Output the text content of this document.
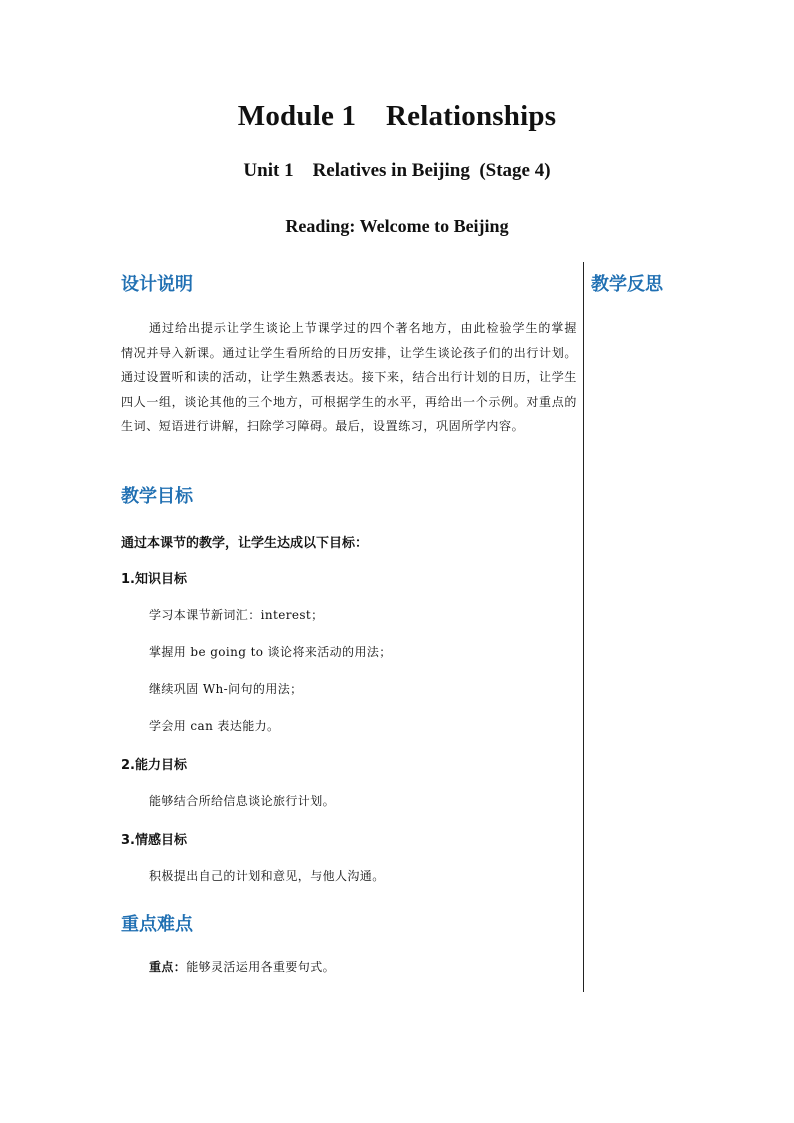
Module 1    Relationships
Unit 1    Relatives in Beijing  (Stage 4)
Reading: Welcome to Beijing
教学反思
设计说明

通过给出提示让学生谈论上节课学过的四个著名地方，由此检验学生的掌握情况并导入新课。通过让学生看所给的日历安排，让学生谈论孩子们的出行计划。通过设置听和读的活动，让学生熟悉表达。接下来，结合出行计划的日历，让学生四人一组，谈论其他的三个地方，可根据学生的水平，再给出一个示例。对重点的生词、短语进行讲解，扫除学习障碍。最后，设置练习，巩固所学内容。

教学目标
通过本课节的教学，让学生达成以下目标：
1.知识目标
学习本课节新词汇：interest；
掌握用 be going to 谈论将来活动的用法；
继续巩固 Wh-问句的用法；
学会用 can 表达能力。
2.能力目标
能够结合所给信息谈论旅行计划。
3.情感目标
积极提出自己的计划和意见，与他人沟通。
重点难点
重点：能够灵活运用各重要句式。
